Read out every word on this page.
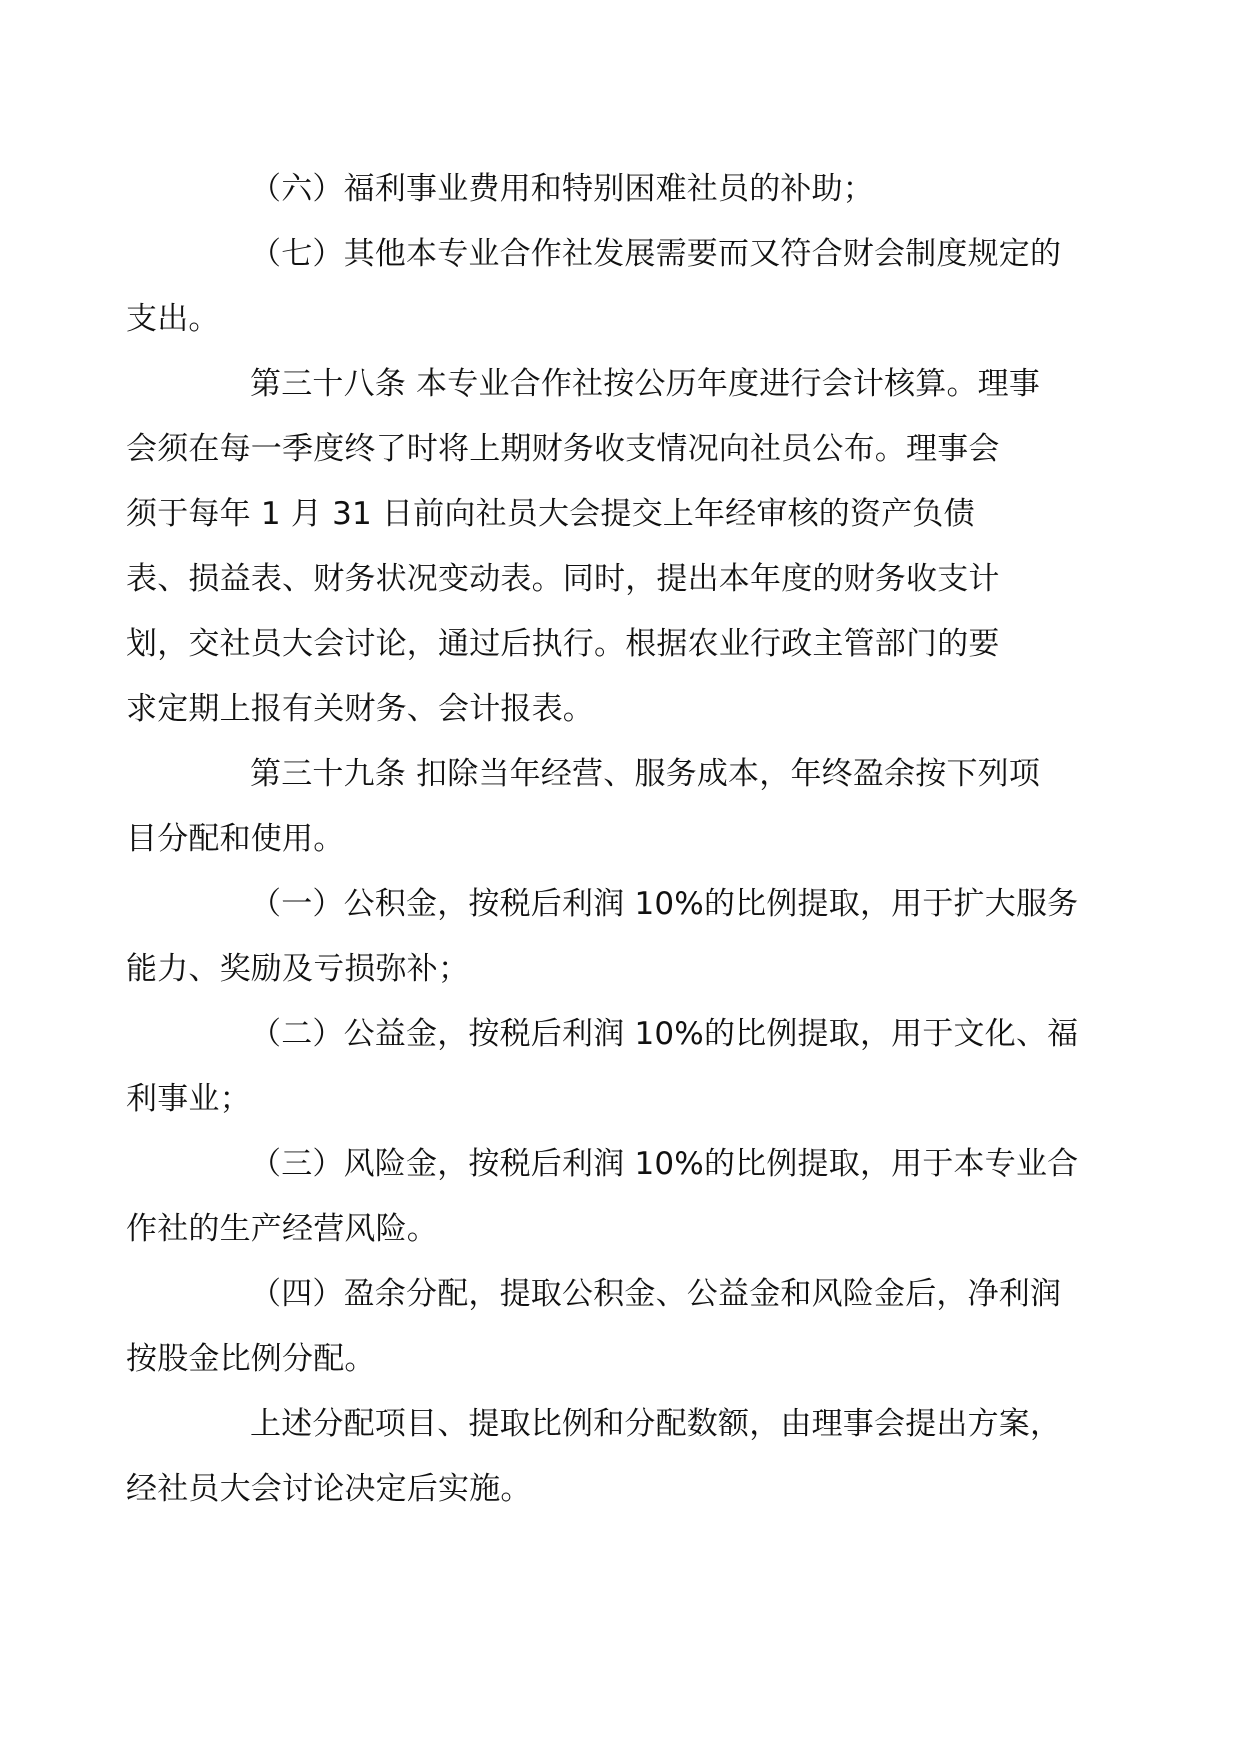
（六）福利事业费用和特别困难社员的补助；

（七）其他本专业合作社发展需要而又符合财会制度规定的
支出。

第三十八条 本专业合作社按公历年度进行会计核算。理事
会须在每一季度终了时将上期财务收支情况向社员公布。理事会
须于每年 1 月 31 日前向社员大会提交上年经审核的资产负债
表、损益表、财务状况变动表。同时，提出本年度的财务收支计
划，交社员大会讨论，通过后执行。根据农业行政主管部门的要
求定期上报有关财务、会计报表。

第三十九条 扣除当年经营、服务成本，年终盈余按下列项
目分配和使用。

（一）公积金，按税后利润 10%的比例提取，用于扩大服务
能力、奖励及亏损弥补；

（二）公益金，按税后利润 10%的比例提取，用于文化、福
利事业；

（三）风险金，按税后利润 10%的比例提取，用于本专业合
作社的生产经营风险。

（四）盈余分配，提取公积金、公益金和风险金后，净利润
按股金比例分配。

上述分配项目、提取比例和分配数额，由理事会提出方案，
经社员大会讨论决定后实施。
